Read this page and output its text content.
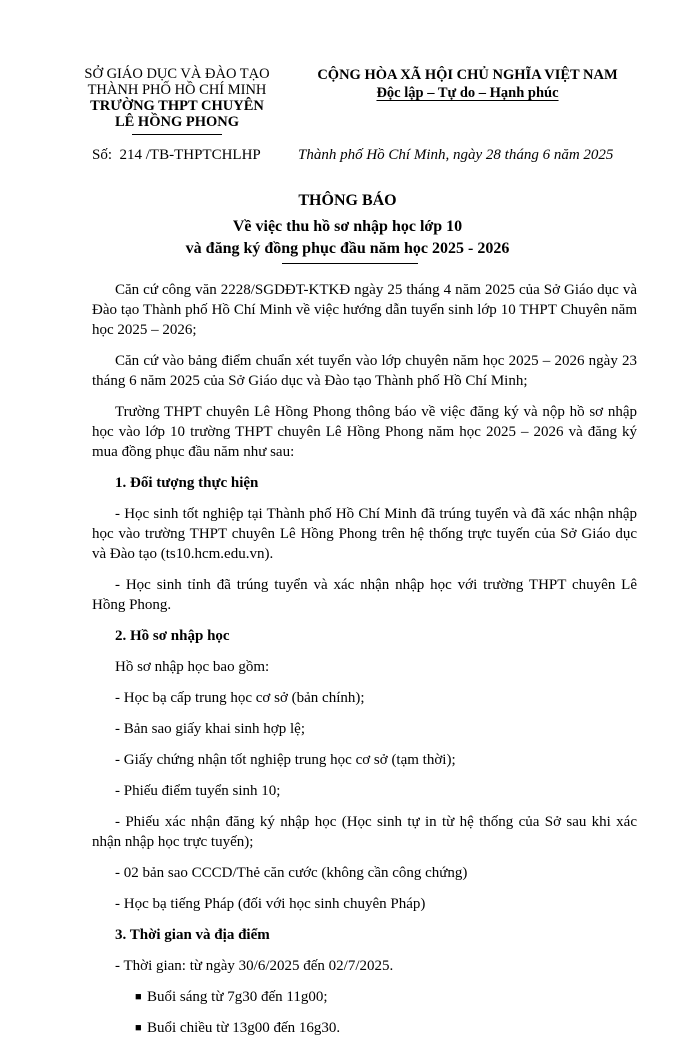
SỞ GIÁO DỤC VÀ ĐÀO TẠO
THÀNH PHỐ HỒ CHÍ MINH
TRƯỜNG THPT CHUYÊN
LÊ HỒNG PHONG
CỘNG HÒA XÃ HỘI CHỦ NGHĨA VIỆT NAM
Độc lập – Tự do – Hạnh phúc
Số: 214 /TB-THPTCHLHP Thành phố Hồ Chí Minh, ngày 28 tháng 6 năm 2025
THÔNG BÁO
Về việc thu hồ sơ nhập học lớp 10
và đăng ký đồng phục đầu năm học 2025 - 2026

Căn cứ công văn 2228/SGDĐT-KTKĐ ngày 25 tháng 4 năm 2025 của Sở Giáo dục và Đào tạo Thành phố Hồ Chí Minh về việc hướng dẫn tuyển sinh lớp 10 THPT Chuyên năm học 2025 – 2026;

Căn cứ vào bảng điểm chuẩn xét tuyển vào lớp chuyên năm học 2025 – 2026 ngày 23 tháng 6 năm 2025 của Sở Giáo dục và Đào tạo Thành phố Hồ Chí Minh;

Trường THPT chuyên Lê Hồng Phong thông báo về việc đăng ký và nộp hồ sơ nhập học vào lớp 10 trường THPT chuyên Lê Hồng Phong năm học 2025 – 2026 và đăng ký mua đồng phục đầu năm như sau:

1. Đối tượng thực hiện

- Học sinh tốt nghiệp tại Thành phố Hồ Chí Minh đã trúng tuyển và đã xác nhận nhập học vào trường THPT chuyên Lê Hồng Phong trên hệ thống trực tuyến của Sở Giáo dục và Đào tạo (ts10.hcm.edu.vn).

- Học sinh tỉnh đã trúng tuyển và xác nhận nhập học với trường THPT chuyên Lê Hồng Phong.

2. Hồ sơ nhập học

Hồ sơ nhập học bao gồm:

- Học bạ cấp trung học cơ sở (bản chính);

- Bản sao giấy khai sinh hợp lệ;

- Giấy chứng nhận tốt nghiệp trung học cơ sở (tạm thời);

- Phiếu điểm tuyển sinh 10;

- Phiếu xác nhận đăng ký nhập học (Học sinh tự in từ hệ thống của Sở sau khi xác nhận nhập học trực tuyến);

- 02 bản sao CCCD/Thẻ căn cước (không cần công chứng)

- Học bạ tiếng Pháp (đối với học sinh chuyên Pháp)

3. Thời gian và địa điểm

- Thời gian: từ ngày 30/6/2025 đến 02/7/2025.

■ Buổi sáng từ 7g30 đến 11g00;
■ Buổi chiều từ 13g00 đến 16g30.
